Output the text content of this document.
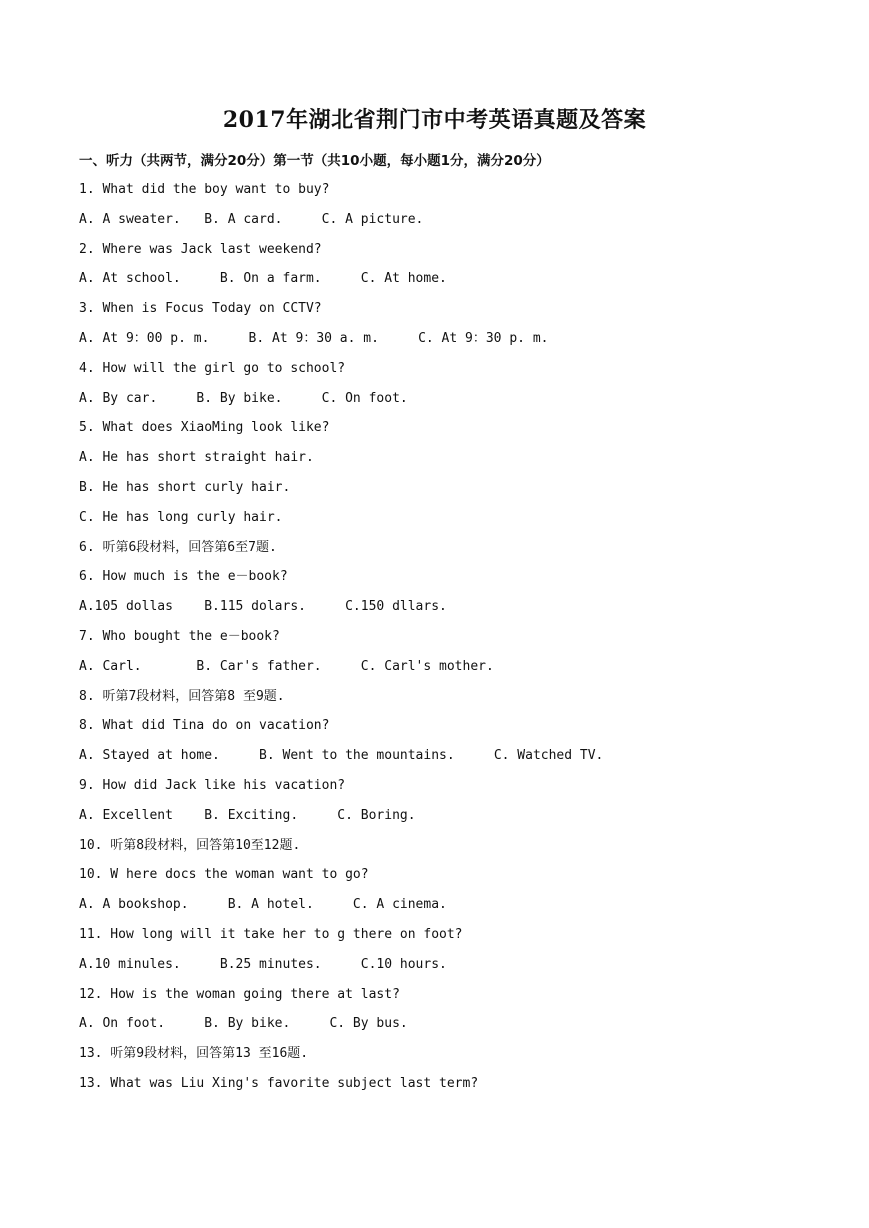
2017年湖北省荆门市中考英语真题及答案
一、听力（共两节，满分20分）第一节（共10小题，每小题1分，满分20分）
1. What did the boy want to buy?
A. A sweater.   B. A card.     C. A picture.
2. Where was Jack last weekend?
A. At school.     B. On a farm.     C. At home.
3. When is Focus Today on CCTV?
A. At 9：00 p. m.     B. At 9：30 a. m.     C. At 9：30 p. m.
4. How will the girl go to school?
A. By car.     B. By bike.     C. On foot.
5. What does XiaoMing look like?
A. He has short straight hair.
B. He has short curly hair.
C. He has long curly hair.
6. 听第6段材料，回答第6至7题.
6. How much is the e－book?
A.105 dollas    B.115 dolars.     C.150 dllars.
7. Who bought the e－book?
A. Carl.       B. Car's father.     C. Carl's mother.
8. 听第7段材料，回答第8 至9题.
8. What did Tina do on vacation?
A. Stayed at home.     B. Went to the mountains.     C. Watched TV.
9. How did Jack like his vacation?
A. Excellent    B. Exciting.     C. Boring.
10. 听第8段材料，回答第10至12题.
10. W here docs the woman want to go?
A. A bookshop.     B. A hotel.     C. A cinema.
11. How long will it take her to g there on foot?
A.10 minules.     B.25 minutes.     C.10 hours.
12. How is the woman going there at last?
A. On foot.     B. By bike.     C. By bus.
13. 听第9段材料，回答第13 至16题.
13. What was Liu Xing's favorite subject last term?
